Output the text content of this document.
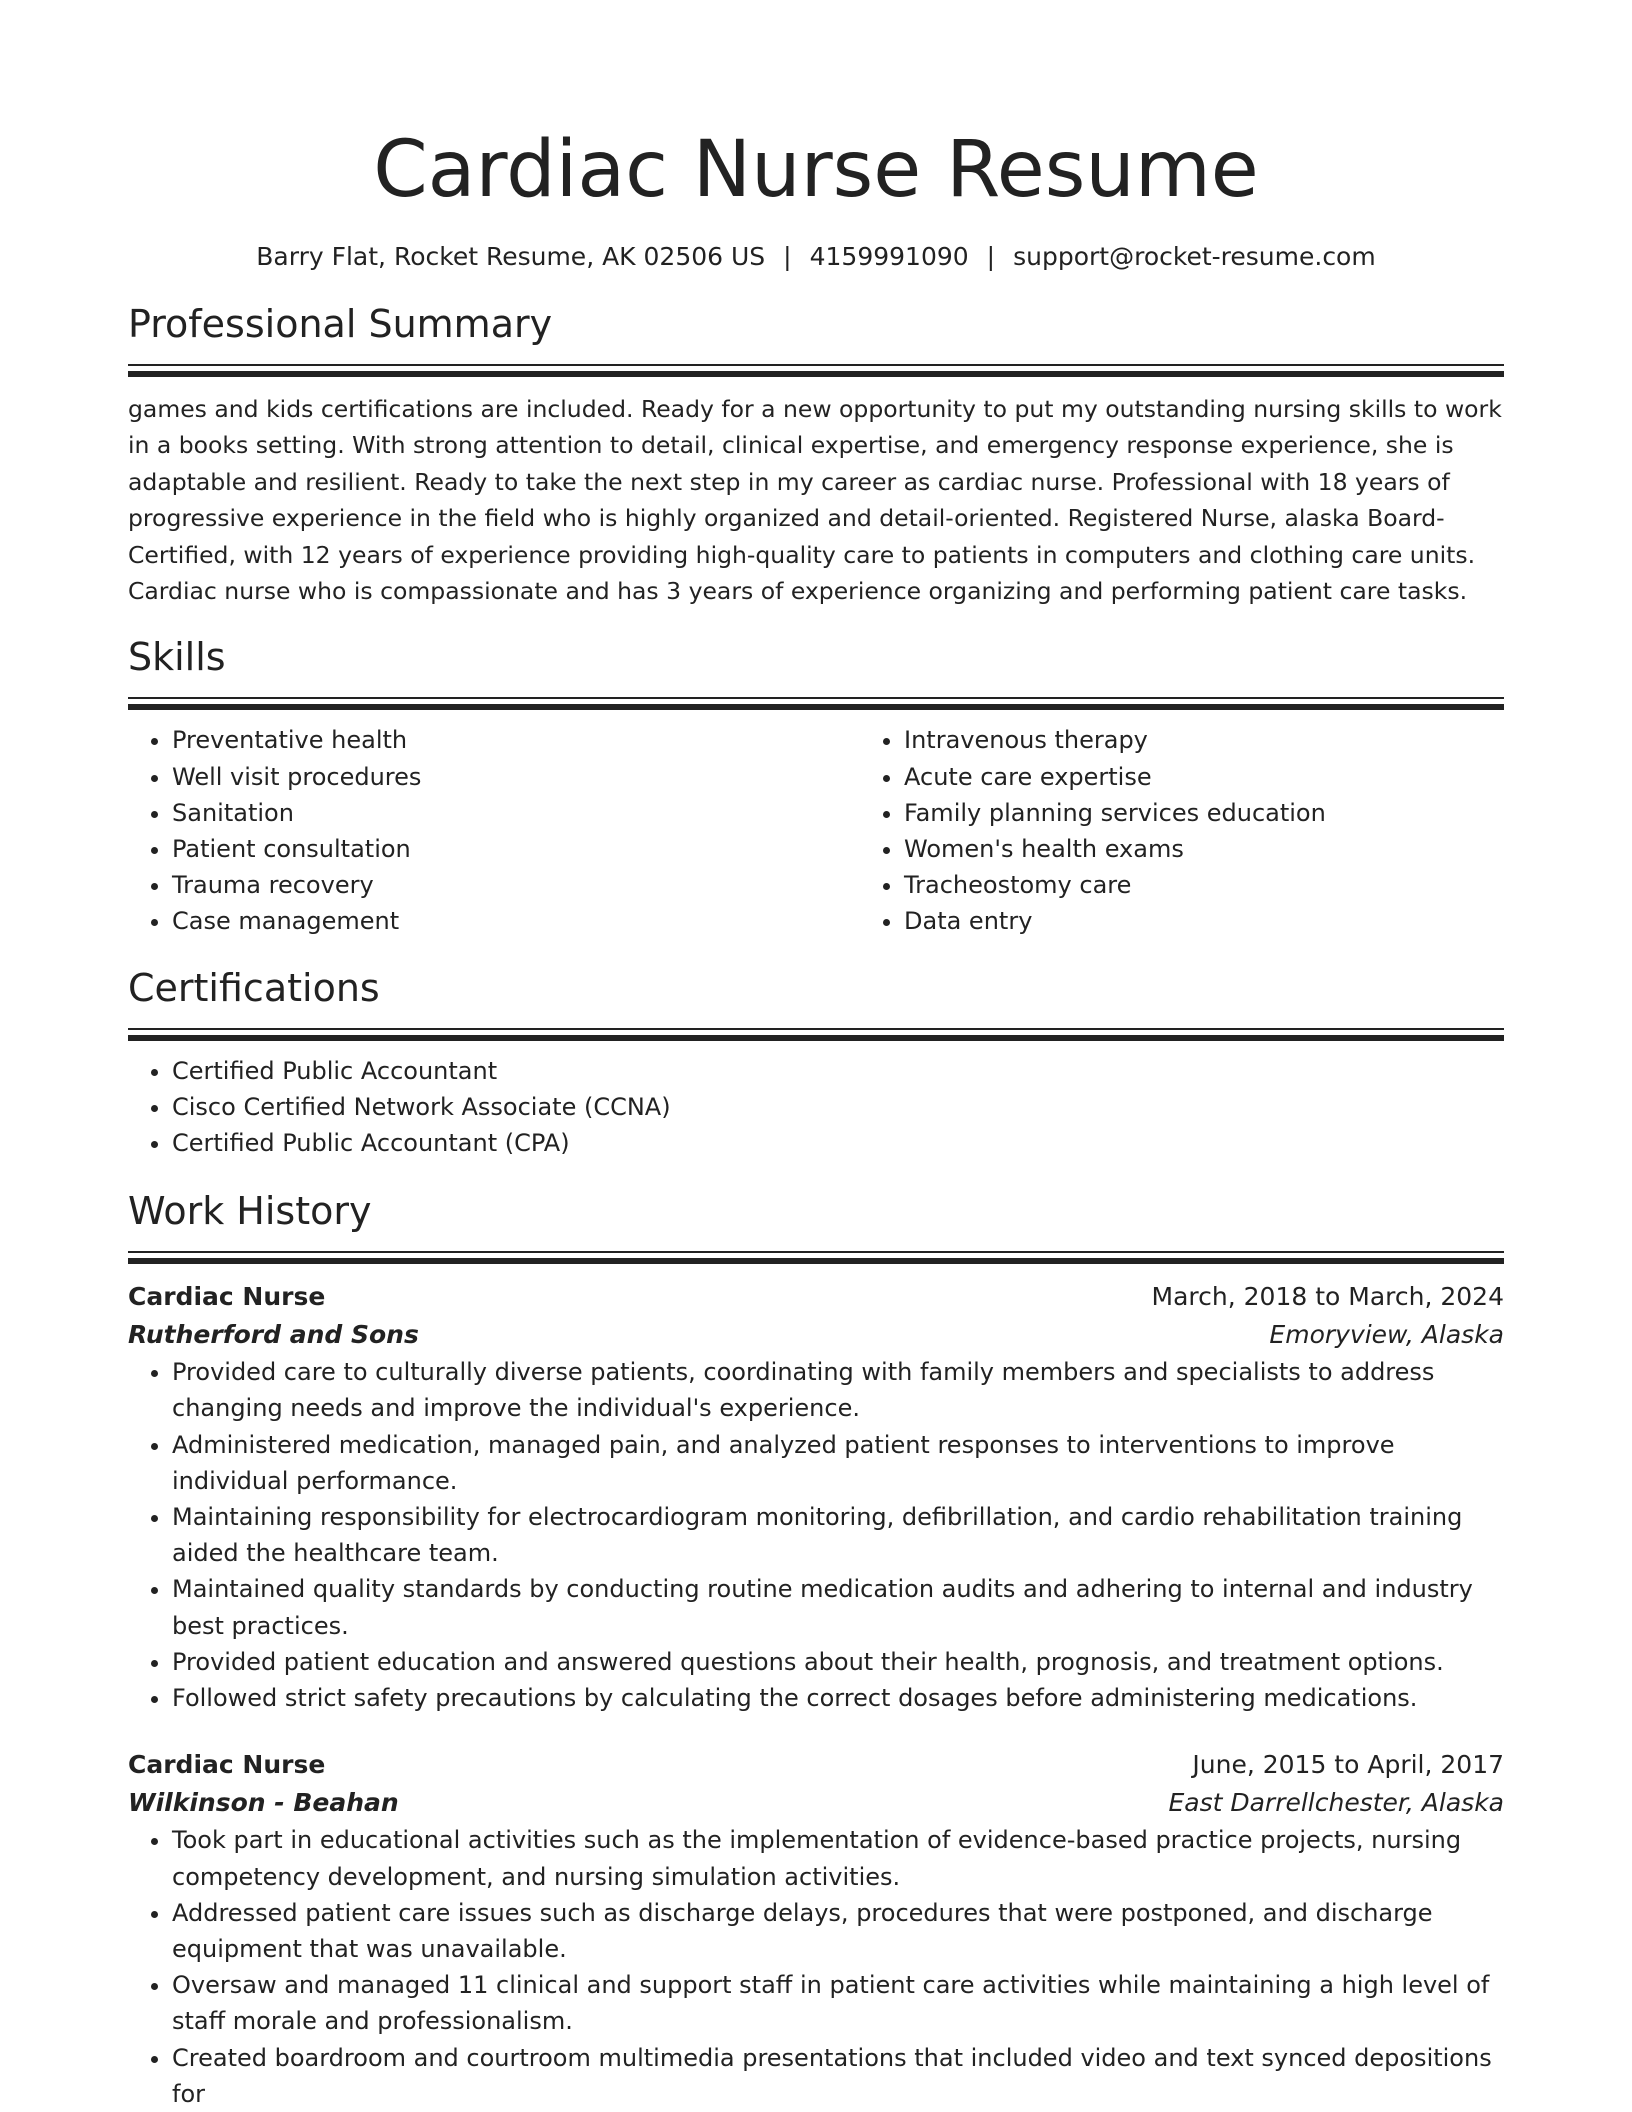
Cardiac Nurse Resume
Barry Flat, Rocket Resume, AK 02506 US | 4159991090 | support@rocket-resume.com
Professional Summary
games and kids certifications are included. Ready for a new opportunity to put my outstanding nursing skills to work in a books setting. With strong attention to detail, clinical expertise, and emergency response experience, she is adaptable and resilient. Ready to take the next step in my career as cardiac nurse. Professional with 18 years of progressive experience in the field who is highly organized and detail-oriented. Registered Nurse, alaska Board-Certified, with 12 years of experience providing high-quality care to patients in computers and clothing care units. Cardiac nurse who is compassionate and has 3 years of experience organizing and performing patient care tasks.
Skills
• Preventative health
• Well visit procedures
• Sanitation
• Patient consultation
• Trauma recovery
• Case management
• Intravenous therapy
• Acute care expertise
• Family planning services education
• Women's health exams
• Tracheostomy care
• Data entry
Certifications
• Certified Public Accountant
• Cisco Certified Network Associate (CCNA)
• Certified Public Accountant (CPA)
Work History
Cardiac Nurse	March, 2018 to March, 2024
Rutherford and Sons	Emoryview, Alaska
• Provided care to culturally diverse patients, coordinating with family members and specialists to address changing needs and improve the individual's experience.
• Administered medication, managed pain, and analyzed patient responses to interventions to improve individual performance.
• Maintaining responsibility for electrocardiogram monitoring, defibrillation, and cardio rehabilitation training aided the healthcare team.
• Maintained quality standards by conducting routine medication audits and adhering to internal and industry best practices.
• Provided patient education and answered questions about their health, prognosis, and treatment options.
• Followed strict safety precautions by calculating the correct dosages before administering medications.
Cardiac Nurse	June, 2015 to April, 2017
Wilkinson - Beahan	East Darrellchester, Alaska
• Took part in educational activities such as the implementation of evidence-based practice projects, nursing competency development, and nursing simulation activities.
• Addressed patient care issues such as discharge delays, procedures that were postponed, and discharge equipment that was unavailable.
• Oversaw and managed 11 clinical and support staff in patient care activities while maintaining a high level of staff morale and professionalism.
• Created boardroom and courtroom multimedia presentations that included video and text synced depositions for
